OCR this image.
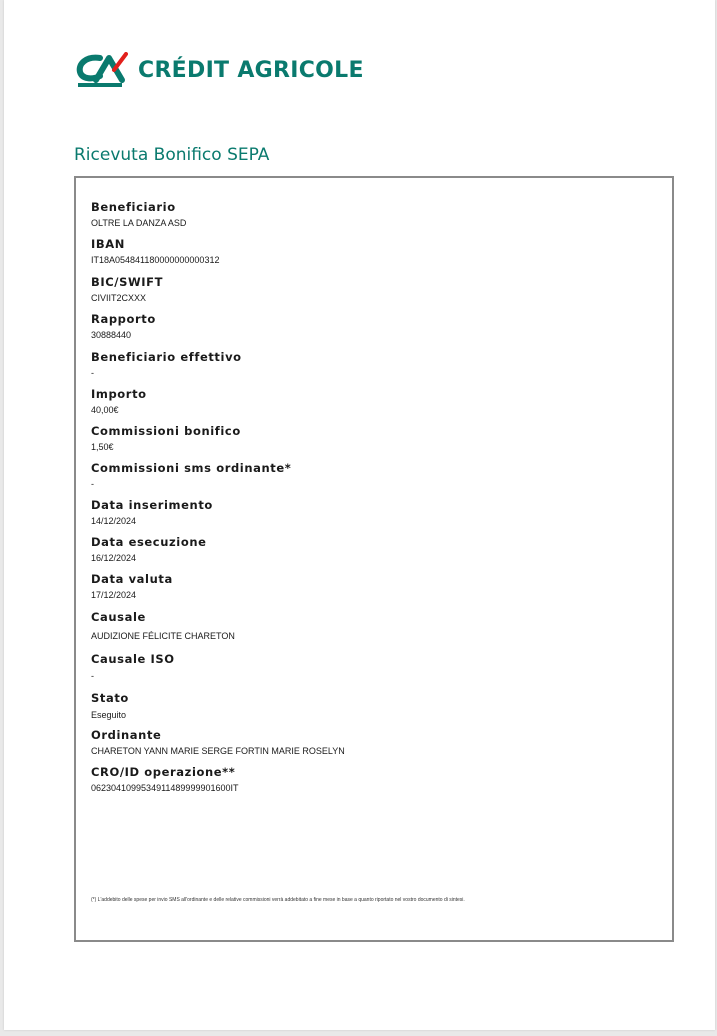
CRÉDIT AGRICOLE
Ricevuta Bonifico SEPA
Beneficiario
OLTRE LA DANZA ASD
IBAN
IT18A054841180000000000312
BIC/SWIFT
CIVIIT2CXXX
Rapporto
30888440
Beneficiario effettivo
-
Importo
40,00€
Commissioni bonifico
1,50€
Commissioni sms ordinante*
-
Data inserimento
14/12/2024
Data esecuzione
16/12/2024
Data valuta
17/12/2024
Causale
AUDIZIONE FÉLICITE CHARETON
Causale ISO
-
Stato
Eseguito
Ordinante
CHARETON YANN MARIE SERGE FORTIN MARIE ROSELYN
CRO/ID operazione**
0623041099534911489999901600IT
(*) L'addebito delle spese per invio SMS all'ordinante e delle relative commissioni verrà addebitato a fine mese in base a quanto riportato nel vostro documento di sintesi.
